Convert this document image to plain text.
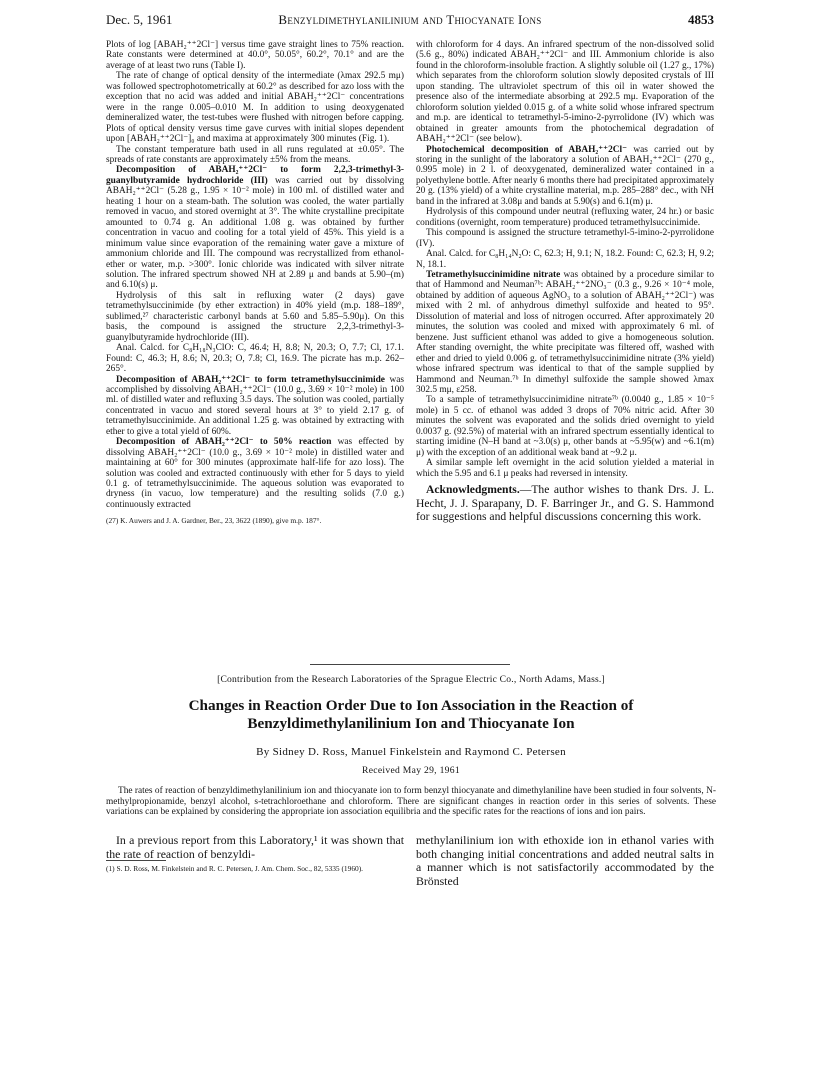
Dec. 5, 1961	Benzyldimethylanilinium and Thiocyanate Ions	4853

Plots of log [ABAH₂⁺⁺2Cl⁻] versus time gave straight lines to 75% reaction. Rate constants were determined at 40.0°, 50.05°, 60.2°, 70.1° and are the average of at least two runs (Table I).

The rate of change of optical density of the intermediate (λmax 292.5 mμ) was followed spectrophotometrically at 60.2° as described for azo loss with the exception that no acid was added and initial ABAH₂⁺⁺2Cl⁻ concentrations were in the range 0.005–0.010 M. In addition to using deoxygenated demineralized water, the test-tubes were flushed with nitrogen before capping. Plots of optical density versus time gave curves with initial slopes dependent upon [ABAH₂⁺⁺2Cl⁻]₀ and maxima at approximately 300 minutes (Fig. 1).

The constant temperature bath used in all runs regulated at ±0.05°. The spreads of rate constants are approximately ±5% from the means.

Decomposition of ABAH₂⁺⁺2Cl⁻ to form 2,2,3-trimethyl-3-guanylbutyramide hydrochloride (III) was carried out by dissolving ABAH₂⁺⁺2Cl⁻ (5.28 g., 1.95 × 10⁻² mole) in 100 ml. of distilled water and heating 1 hour on a steam-bath. The solution was cooled, the water partially removed in vacuo, and stored overnight at 3°. The white crystalline precipitate amounted to 0.74 g. An additional 1.08 g. was obtained by further concentration in vacuo and cooling for a total yield of 45%. This yield is a minimum value since evaporation of the remaining water gave a mixture of ammonium chloride and III. The compound was recrystallized from ethanol-ether or water, m.p. >300°. Ionic chloride was indicated with silver nitrate solution. The infrared spectrum showed NH at 2.89 μ and bands at 5.90–(m) and 6.10(s) μ.

Hydrolysis of this salt in refluxing water (2 days) gave tetramethylsuccinimide (by ether extraction) in 40% yield (m.p. 188–189°, sublimed,²⁷ characteristic carbonyl bands at 5.60 and 5.85–5.90μ). On this basis, the compound is assigned the structure 2,2,3-trimethyl-3-guanylbutyramide hydrochloride (III).

Anal. Calcd. for C₈H₁₈N₃ClO: C, 46.4; H, 8.8; N, 20.3; O, 7.7; Cl, 17.1. Found: C, 46.3; H, 8.6; N, 20.3; O, 7.8; Cl, 16.9. The picrate has m.p. 262–265°.

Decomposition of ABAH₂⁺⁺2Cl⁻ to form tetramethylsuccinimide was accomplished by dissolving ABAH₂⁺⁺2Cl⁻ (10.0 g., 3.69 × 10⁻² mole) in 100 ml. of distilled water and refluxing 3.5 days. The solution was cooled, partially concentrated in vacuo and stored several hours at 3° to yield 2.17 g. of tetramethylsuccinimide. An additional 1.25 g. was obtained by extracting with ether to give a total yield of 60%.

Decomposition of ABAH₂⁺⁺2Cl⁻ to 50% reaction was effected by dissolving ABAH₂⁺⁺2Cl⁻ (10.0 g., 3.69 × 10⁻² mole) in distilled water and maintaining at 60° for 300 minutes (approximate half-life for azo loss). The solution was cooled and extracted continuously with ether for 5 days to yield 0.1 g. of tetramethylsuccinimide. The aqueous solution was evaporated to dryness (in vacuo, low temperature) and the resulting solids (7.0 g.) continuously extracted

(27) K. Auwers and J. A. Gardner, Ber., 23, 3622 (1890), give m.p. 187°.

with chloroform for 4 days. An infrared spectrum of the non-dissolved solid (5.6 g., 80%) indicated ABAH₂⁺⁺2Cl⁻ and III. Ammonium chloride is also found in the chloroform-insoluble fraction. A slightly soluble oil (1.27 g., 17%) which separates from the chloroform solution slowly deposited crystals of III upon standing. The ultraviolet spectrum of this oil in water showed the presence also of the intermediate absorbing at 292.5 mμ. Evaporation of the chloroform solution yielded 0.015 g. of a white solid whose infrared spectrum and m.p. are identical to tetramethyl-5-imino-2-pyrrolidone (IV) which was obtained in greater amounts from the photochemical degradation of ABAH₂⁺⁺2Cl⁻ (see below).

Photochemical decomposition of ABAH₂⁺⁺2Cl⁻ was carried out by storing in the sunlight of the laboratory a solution of ABAH₂⁺⁺2Cl⁻ (270 g., 0.995 mole) in 2 l. of deoxygenated, demineralized water contained in a polyethylene bottle. After nearly 6 months there had precipitated approximately 20 g. (13% yield) of a white crystalline material, m.p. 285–288° dec., with NH band in the infrared at 3.08μ and bands at 5.90(s) and 6.1(m) μ.

Hydrolysis of this compound under neutral (refluxing water, 24 hr.) or basic conditions (overnight, room temperature) produced tetramethylsuccinimide.

This compound is assigned the structure tetramethyl-5-imino-2-pyrrolidone (IV).

Anal. Calcd. for C₈H₁₄N₂O: C, 62.3; H, 9.1; N, 18.2. Found: C, 62.3; H, 9.2; N, 18.1.

Tetramethylsuccinimidine nitrate was obtained by a procedure similar to that of Hammond and Neuman⁷ᵇ: ABAH₂⁺⁺2NO₃⁻ (0.3 g., 9.26 × 10⁻⁴ mole, obtained by addition of aqueous AgNO₃ to a solution of ABAH₂⁺⁺2Cl⁻) was mixed with 2 ml. of anhydrous dimethyl sulfoxide and heated to 95°. Dissolution of material and loss of nitrogen occurred. After approximately 20 minutes, the solution was cooled and mixed with approximately 6 ml. of benzene. Just sufficient ethanol was added to give a homogeneous solution. After standing overnight, the white precipitate was filtered off, washed with ether and dried to yield 0.006 g. of tetramethylsuccinimidine nitrate (3% yield) whose infrared spectrum was identical to that of the sample supplied by Hammond and Neuman.⁷ᵇ In dimethyl sulfoxide the sample showed λmax 302.5 mμ, ε258.

To a sample of tetramethylsuccinimidine nitrate⁷ᵇ (0.0040 g., 1.85 × 10⁻⁵ mole) in 5 cc. of ethanol was added 3 drops of 70% nitric acid. After 30 minutes the solvent was evaporated and the solids dried overnight to yield 0.0037 g. (92.5%) of material with an infrared spectrum essentially identical to starting imidine (N–H band at ~3.0(s) μ, other bands at ~5.95(w) and ~6.1(m) μ) with the exception of an additional weak band at ~9.2 μ.

A similar sample left overnight in the acid solution yielded a material in which the 5.95 and 6.1 μ peaks had reversed in intensity.

Acknowledgments.—The author wishes to thank Drs. J. L. Hecht, J. J. Sparapany, D. F. Barringer Jr., and G. S. Hammond for suggestions and helpful discussions concerning this work.

[Contribution from the Research Laboratories of the Sprague Electric Co., North Adams, Mass.]
Changes in Reaction Order Due to Ion Association in the Reaction of Benzyldimethylanilinium Ion and Thiocyanate Ion
By Sidney D. Ross, Manuel Finkelstein and Raymond C. Petersen
Received May 29, 1961
The rates of reaction of benzyldimethylanilinium ion and thiocyanate ion to form benzyl thiocyanate and dimethylaniline have been studied in four solvents, N-methylpropionamide, benzyl alcohol, s-tetrachloroethane and chloroform. There are significant changes in reaction order in this series of solvents. These variations can be explained by considering the appropriate ion association equilibria and the specific rates for the reactions of ions and ion pairs.

In a previous report from this Laboratory,¹ it was shown that the rate of reaction of benzyldi-

(1) S. D. Ross, M. Finkelstein and R. C. Petersen, J. Am. Chem. Soc., 82, 5335 (1960).

methylanilinium ion with ethoxide ion in ethanol varies with both changing initial concentrations and added neutral salts in a manner which is not satisfactorily accommodated by the Brönsted
